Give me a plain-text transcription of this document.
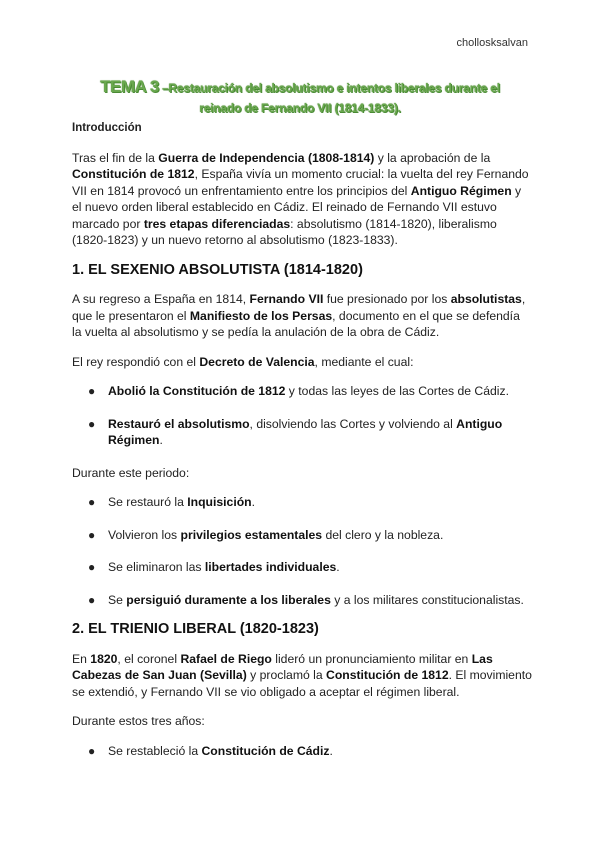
chollosksalvan
TEMA 3 –Restauración del absolutismo e intentos liberales durante el
reinado de Fernando VII (1814-1833).
Introducción

Tras el fin de la Guerra de Independencia (1808-1814) y la aprobación de la Constitución de 1812, España vivía un momento crucial: la vuelta del rey Fernando VII en 1814 provocó un enfrentamiento entre los principios del Antiguo Régimen y el nuevo orden liberal establecido en Cádiz. El reinado de Fernando VII estuvo marcado por tres etapas diferenciadas: absolutismo (1814-1820), liberalismo (1820-1823) y un nuevo retorno al absolutismo (1823-1833).

1. EL SEXENIO ABSOLUTISTA (1814-1820)

A su regreso a España en 1814, Fernando VII fue presionado por los absolutistas, que le presentaron el Manifiesto de los Persas, documento en el que se defendía la vuelta al absolutismo y se pedía la anulación de la obra de Cádiz.

El rey respondió con el Decreto de Valencia, mediante el cual:

● Abolió la Constitución de 1812 y todas las leyes de las Cortes de Cádiz.
● Restauró el absolutismo, disolviendo las Cortes y volviendo al Antiguo Régimen.

Durante este periodo:

● Se restauró la Inquisición.
● Volvieron los privilegios estamentales del clero y la nobleza.
● Se eliminaron las libertades individuales.
● Se persiguió duramente a los liberales y a los militares constitucionalistas.
2. EL TRIENIO LIBERAL (1820-1823)

En 1820, el coronel Rafael de Riego lideró un pronunciamiento militar en Las Cabezas de San Juan (Sevilla) y proclamó la Constitución de 1812. El movimiento se extendió, y Fernando VII se vio obligado a aceptar el régimen liberal.

Durante estos tres años:

● Se restableció la Constitución de Cádiz.
